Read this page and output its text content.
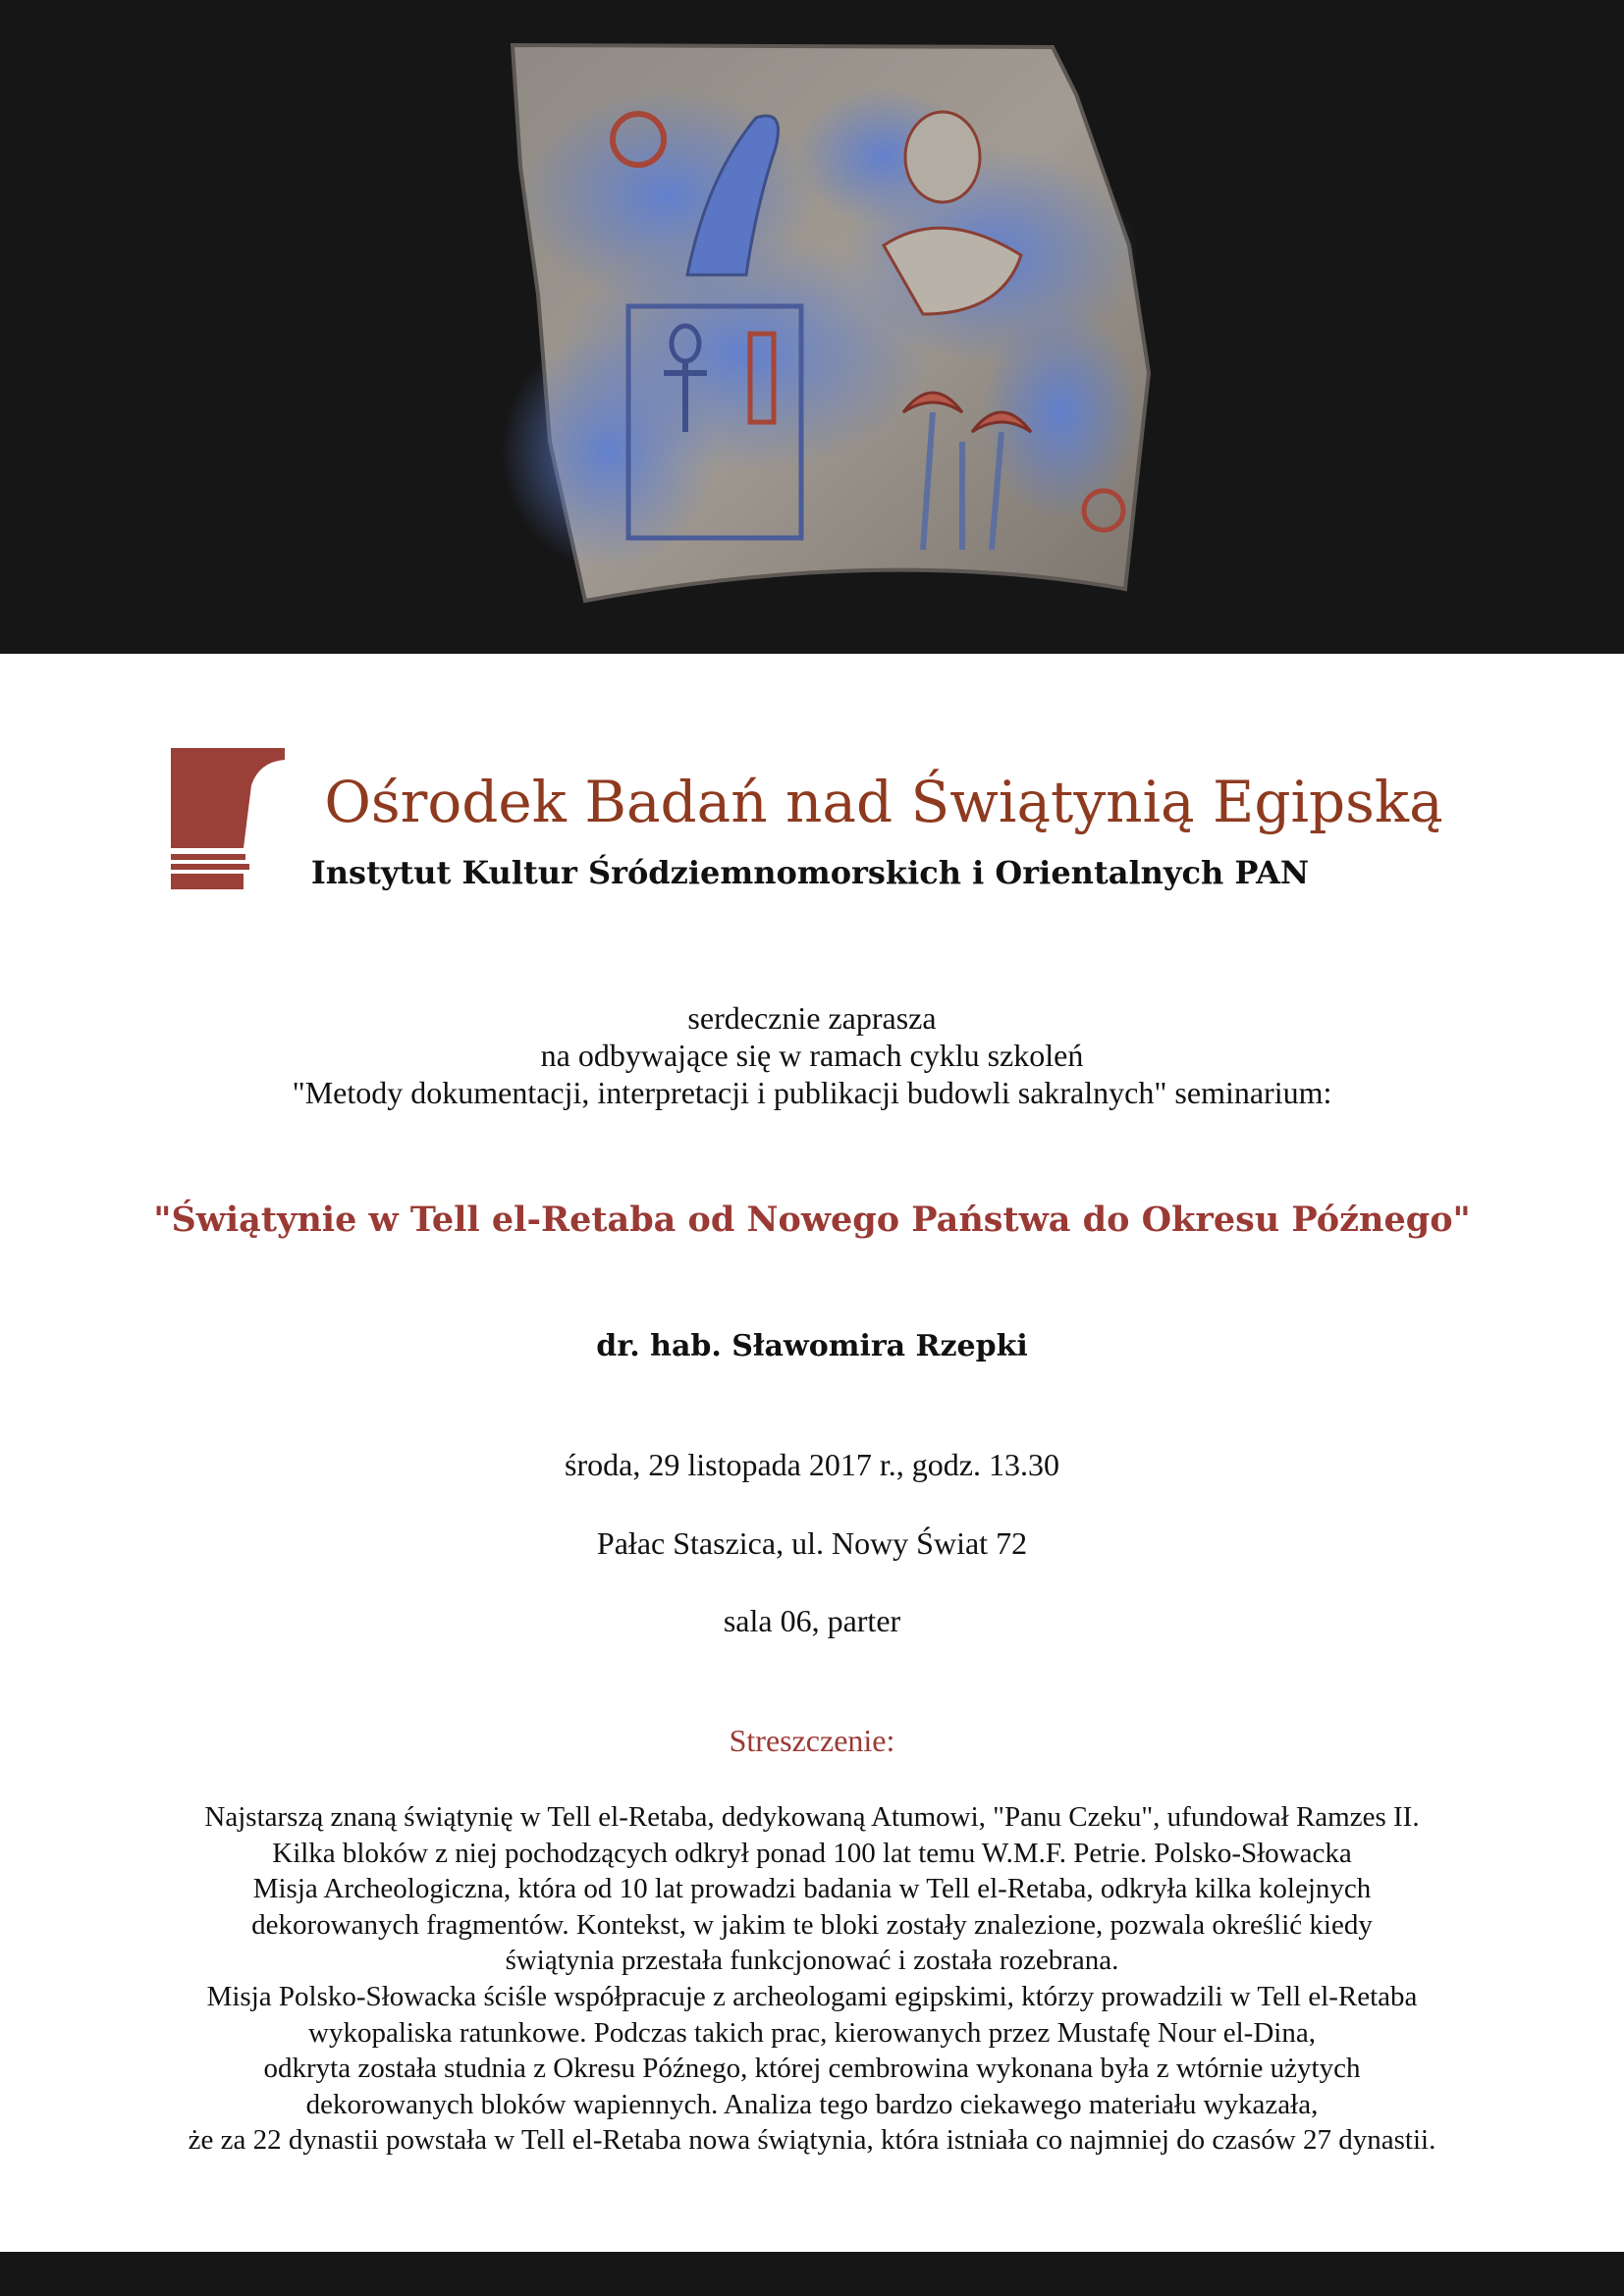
Ośrodek Badań nad Świątynią Egipską
Instytut Kultur Śródziemnomorskich i Orientalnych PAN

serdecznie zaprasza
na odbywające się w ramach cyklu szkoleń
"Metody dokumentacji, interpretacji i publikacji budowli sakralnych" seminarium:

"Świątynie w Tell el-Retaba od Nowego Państwa do Okresu Późnego"

dr. hab. Sławomira Rzepki

środa, 29 listopada 2017 r., godz. 13.30

Pałac Staszica, ul. Nowy Świat 72

sala 06, parter

Streszczenie:

Najstarszą znaną świątynię w Tell el-Retaba, dedykowaną Atumowi, "Panu Czeku", ufundował Ramzes II.
Kilka bloków z niej pochodzących odkrył ponad 100 lat temu W.M.F. Petrie. Polsko-Słowacka
Misja Archeologiczna, która od 10 lat prowadzi badania w Tell el-Retaba, odkryła kilka kolejnych
dekorowanych fragmentów. Kontekst, w jakim te bloki zostały znalezione, pozwala określić kiedy
świątynia przestała funkcjonować i została rozebrana.
Misja Polsko-Słowacka ściśle współpracuje z archeologami egipskimi, którzy prowadzili w Tell el-Retaba
wykopaliska ratunkowe. Podczas takich prac, kierowanych przez Mustafę Nour el-Dina,
odkryta została studnia z Okresu Późnego, której cembrowina wykonana była z wtórnie użytych
dekorowanych bloków wapiennych. Analiza tego bardzo ciekawego materiału wykazała,
że za 22 dynastii powstała w Tell el-Retaba nowa świątynia, która istniała co najmniej do czasów 27 dynastii.
